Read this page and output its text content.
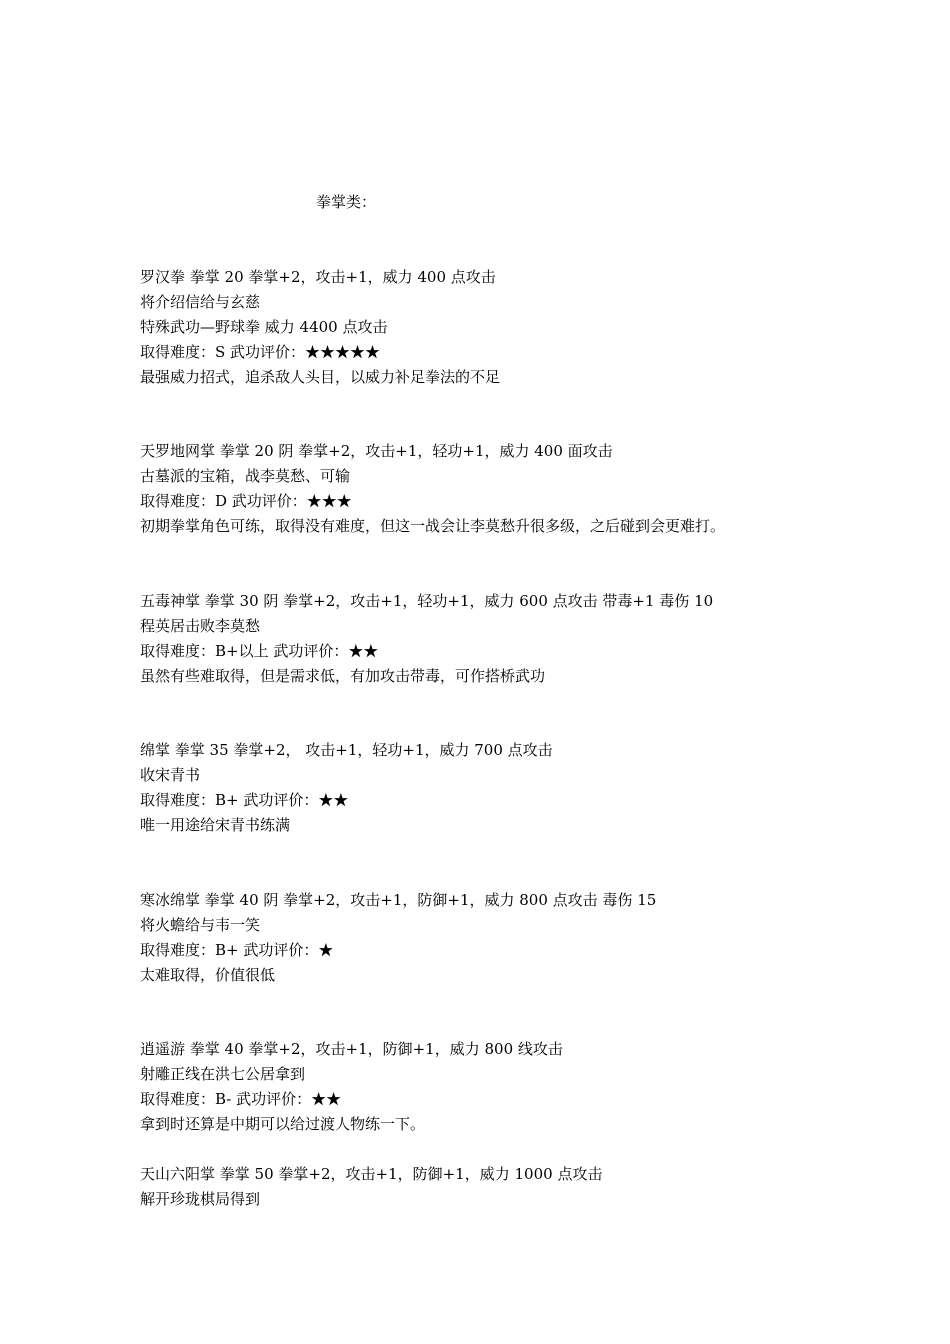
拳掌类：
罗汉拳 拳掌 20 拳掌+2，攻击+1，威力 400 点攻击
将介绍信给与玄慈
特殊武功—野球拳 威力 4400 点攻击
取得难度：S 武功评价：★★★★★
最强威力招式，追杀敌人头目，以威力补足拳法的不足
天罗地网掌 拳掌 20 阴 拳掌+2，攻击+1，轻功+1，威力 400 面攻击
古墓派的宝箱，战李莫愁、可输
取得难度：D 武功评价：★★★
初期拳掌角色可练，取得没有难度，但这一战会让李莫愁升很多级，之后碰到会更难打。
五毒神掌 拳掌 30 阴 拳掌+2，攻击+1，轻功+1，威力 600 点攻击 带毒+1 毒伤 10
程英居击败李莫愁
取得难度：B+以上 武功评价：★★
虽然有些难取得，但是需求低，有加攻击带毒，可作搭桥武功
绵掌 拳掌 35 拳掌+2， 攻击+1，轻功+1，威力 700 点攻击
收宋青书
取得难度：B+ 武功评价：★★
唯一用途给宋青书练满
寒冰绵掌 拳掌 40 阴 拳掌+2，攻击+1，防御+1，威力 800 点攻击 毒伤 15
将火蟾给与韦一笑
取得难度：B+ 武功评价：★
太难取得，价值很低
逍遥游 拳掌 40 拳掌+2，攻击+1，防御+1，威力 800 线攻击
射雕正线在洪七公居拿到
取得难度：B- 武功评价：★★
拿到时还算是中期可以给过渡人物练一下。
天山六阳掌 拳掌 50 拳掌+2，攻击+1，防御+1，威力 1000 点攻击
解开珍珑棋局得到
